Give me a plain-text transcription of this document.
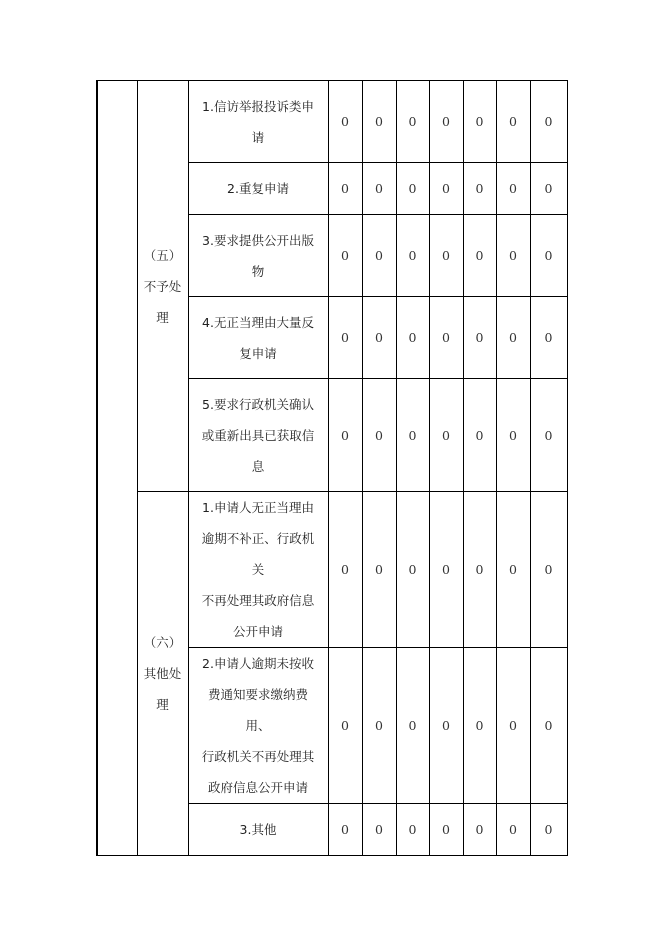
	（五）
不予处
理	1.信访举报投诉类申
请	0	0	0	0	0	0	0

		2.重复申请	0	0	0	0	0	0	0

		3.要求提供公开出版
物	0	0	0	0	0	0	0

		4.无正当理由大量反
复申请	0	0	0	0	0	0	0

		5.要求行政机关确认
或重新出具已获取信
息	0	0	0	0	0	0	0

	（六）
其他处
理	1.申请人无正当理由
逾期不补正、行政机关
不再处理其政府信息
公开申请	0	0	0	0	0	0	0

		2.申请人逾期未按收
费通知要求缴纳费用、
行政机关不再处理其
政府信息公开申请	0	0	0	0	0	0	0

		3.其他	0	0	0	0	0	0	0
